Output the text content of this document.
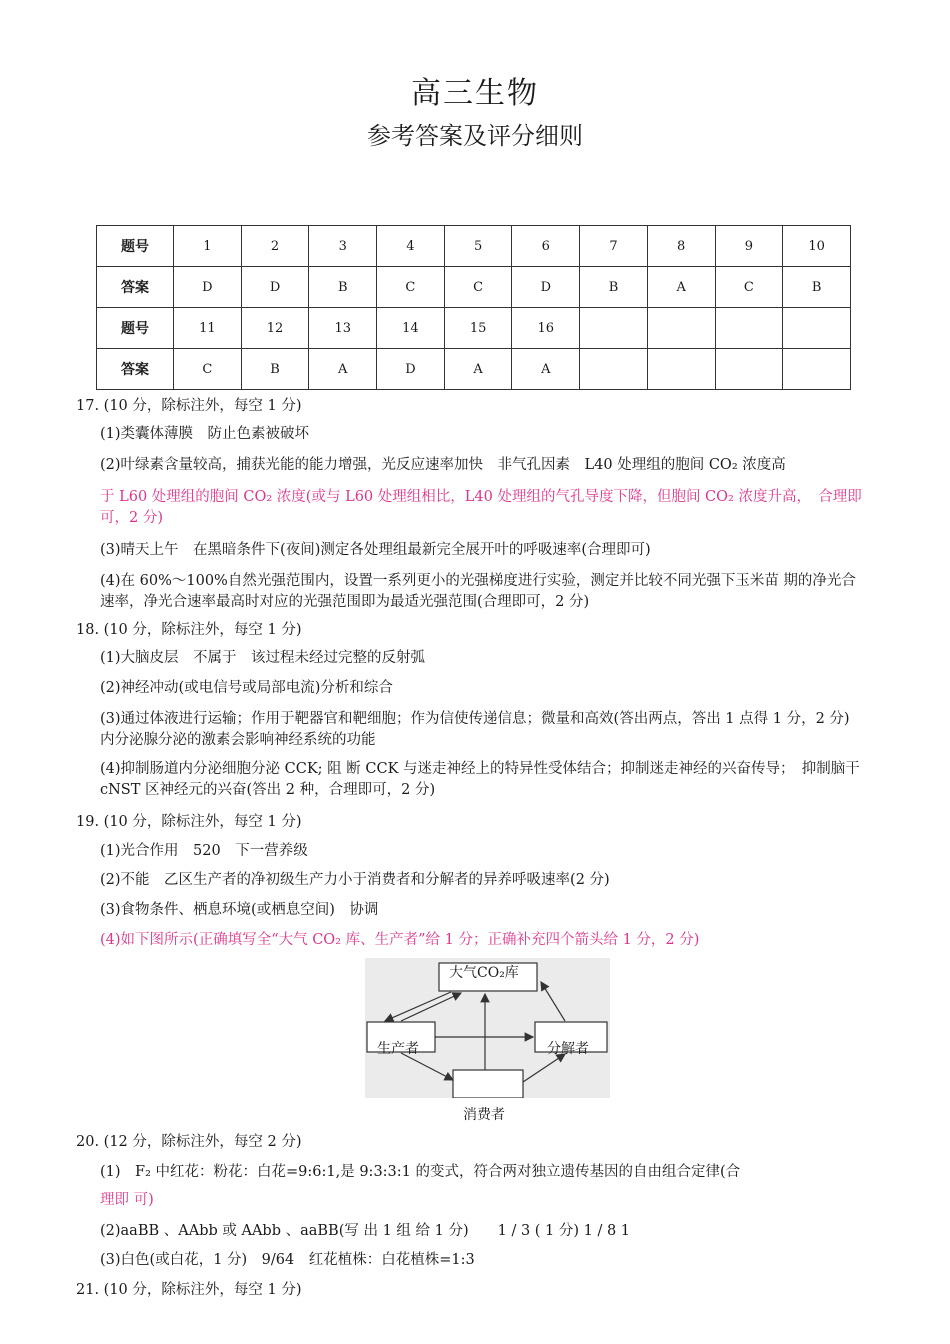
高三生物
参考答案及评分细则
题号	1	2	3	4	5	6	7	8	9	10
答案	D	D	B	C	C	D	B	A	C	B
题号	11	12	13	14	15	16				
答案	C	B	A	D	A	A				
17. (10 分，除标注外，每空 1 分)
(1)类囊体薄膜　防止色素被破坏
(2)叶绿素含量较高，捕获光能的能力增强，光反应速率加快　非气孔因素　L40 处理组的胞间 CO₂ 浓度高
于 L60 处理组的胞间 CO₂ 浓度(或与 L60 处理组相比，L40 处理组的气孔导度下降，但胞间 CO₂ 浓度升高，　合理即可，2 分)
(3)晴天上午　在黑暗条件下(夜间)测定各处理组最新完全展开叶的呼吸速率(合理即可)
(4)在 60%～100%自然光强范围内，设置一系列更小的光强梯度进行实验，测定并比较不同光强下玉米苗 期的净光合速率，净光合速率最高时对应的光强范围即为最适光强范围(合理即可，2 分)
18. (10 分，除标注外，每空 1 分)
(1)大脑皮层　不属于　该过程未经过完整的反射弧
(2)神经冲动(或电信号或局部电流)分析和综合
(3)通过体液进行运输；作用于靶器官和靶细胞；作为信使传递信息；微量和高效(答出两点，答出 1 点得 1 分，2 分)　内分泌腺分泌的激素会影响神经系统的功能
(4)抑制肠道内分泌细胞分泌 CCK; 阻 断 CCK 与迷走神经上的特异性受体结合；抑制迷走神经的兴奋传导；　抑制脑干 cNST 区神经元的兴奋(答出 2 种，合理即可，2 分)
19. (10 分，除标注外，每空 1 分)
(1)光合作用　520　下一营养级
(2)不能　乙区生产者的净初级生产力小于消费者和分解者的异养呼吸速率(2 分)
(3)食物条件、栖息环境(或栖息空间)　协调
(4)如下图所示(正确填写全“大气 CO₂ 库、生产者”给 1 分；正确补充四个箭头给 1 分，2 分)
大气CO₂库
生产者	分解者
消费者
20. (12 分，除标注外，每空 2 分)
(1)　F₂ 中红花：粉花：白花=9:6:1,是 9:3:3:1 的变式，符合两对独立遗传基因的自由组合定律(合
理即 可)
(2)aaBB 、AAbb 或 AAbb 、aaBB(写 出 1 组 给 1 分)　　1 / 3 ( 1 分) 1 / 8 1
(3)白色(或白花，1 分)　9/64　红花植株：白花植株=1:3
21. (10 分，除标注外，每空 1 分)
